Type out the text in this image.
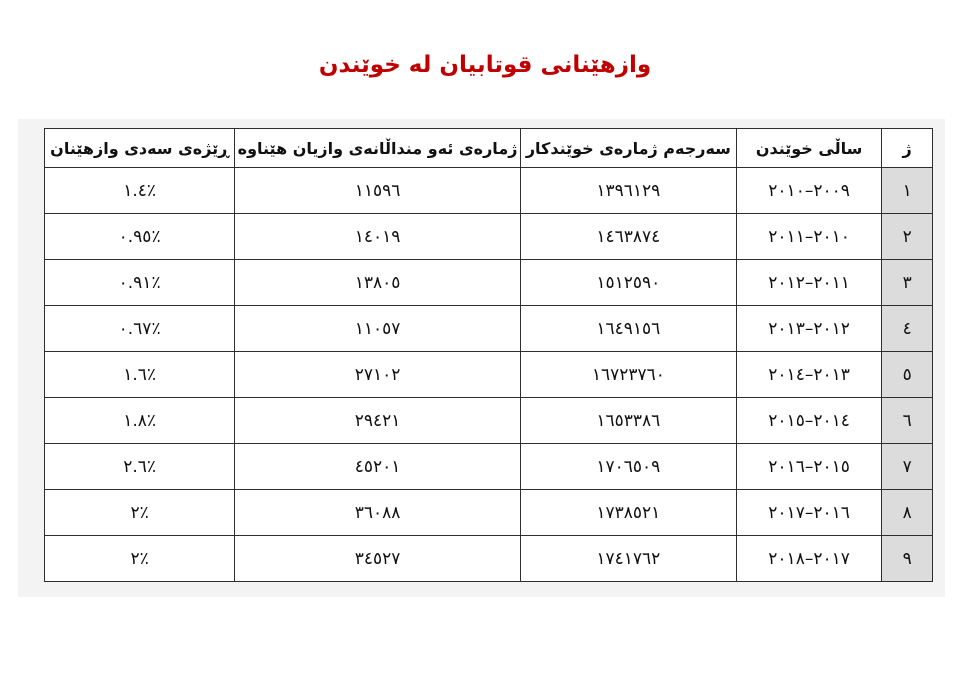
وازهێنانی قوتابیان له خوێندن
ژ	ساڵی خوێندن	سەرجەم ژمارەی خوێندکار	ژمارەی ئەو منداڵانەی وازیان هێناوە	ڕێژەی سەدی وازهێنان
١	٢٠٠٩–٢٠١٠	١٣٩٦١٢٩	١١٥٩٦	٪١.٤
٢	٢٠١٠–٢٠١١	١٤٦٣٨٧٤	١٤٠١٩	٪٠.٩٥
٣	٢٠١١–٢٠١٢	١٥١٢٥٩٠	١٣٨٠٥	٪٠.٩١
٤	٢٠١٢–٢٠١٣	١٦٤٩١٥٦	١١٠٥٧	٪٠.٦٧
٥	٢٠١٣–٢٠١٤	١٦٧٢٣٧٦٠	٢٧١٠٢	٪١.٦
٦	٢٠١٤–٢٠١٥	١٦٥٣٣٨٦	٢٩٤٢١	٪١.٨
٧	٢٠١٥–٢٠١٦	١٧٠٦٥٠٩	٤٥٢٠١	٪٢.٦
٨	٢٠١٦–٢٠١٧	١٧٣٨٥٢١	٣٦٠٨٨	٪٢
٩	٢٠١٧–٢٠١٨	١٧٤١٧٦٢	٣٤٥٢٧	٪٢
